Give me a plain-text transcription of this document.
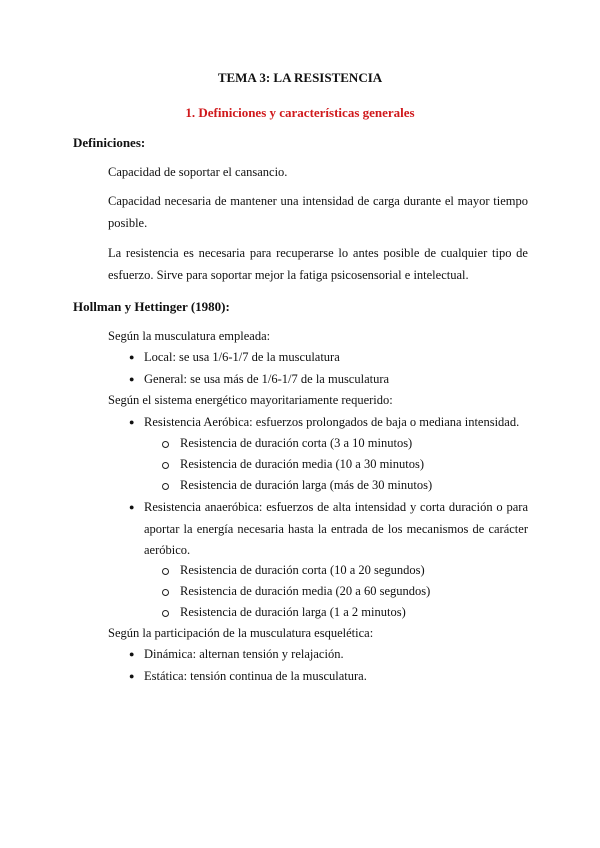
TEMA 3: LA RESISTENCIA
1. Definiciones y características generales
Definiciones:
Capacidad de soportar el cansancio.
Capacidad necesaria de mantener una intensidad de carga durante el mayor tiempo
posible.
La resistencia es necesaria para recuperarse lo antes posible de cualquier tipo de
esfuerzo. Sirve para soportar mejor la fatiga psicosensorial e intelectual.
Hollman y Hettinger (1980):
Según la musculatura empleada:
● Local: se usa 1/6-1/7 de la musculatura
● General: se usa más de 1/6-1/7 de la musculatura
Según el sistema energético mayoritariamente requerido:
● Resistencia Aeróbica: esfuerzos prolongados de baja o mediana intensidad.
Resistencia de duración corta (3 a 10 minutos)
Resistencia de duración media (10 a 30 minutos)
Resistencia de duración larga (más de 30 minutos)
● Resistencia anaeróbica: esfuerzos de alta intensidad y corta duración o para
aportar la energía necesaria hasta la entrada de los mecanismos de carácter
aeróbico.
Resistencia de duración corta (10 a 20 segundos)
Resistencia de duración media (20 a 60 segundos)
Resistencia de duración larga (1 a 2 minutos)
Según la participación de la musculatura esquelética:
● Dinámica: alternan tensión y relajación.
● Estática: tensión continua de la musculatura.
